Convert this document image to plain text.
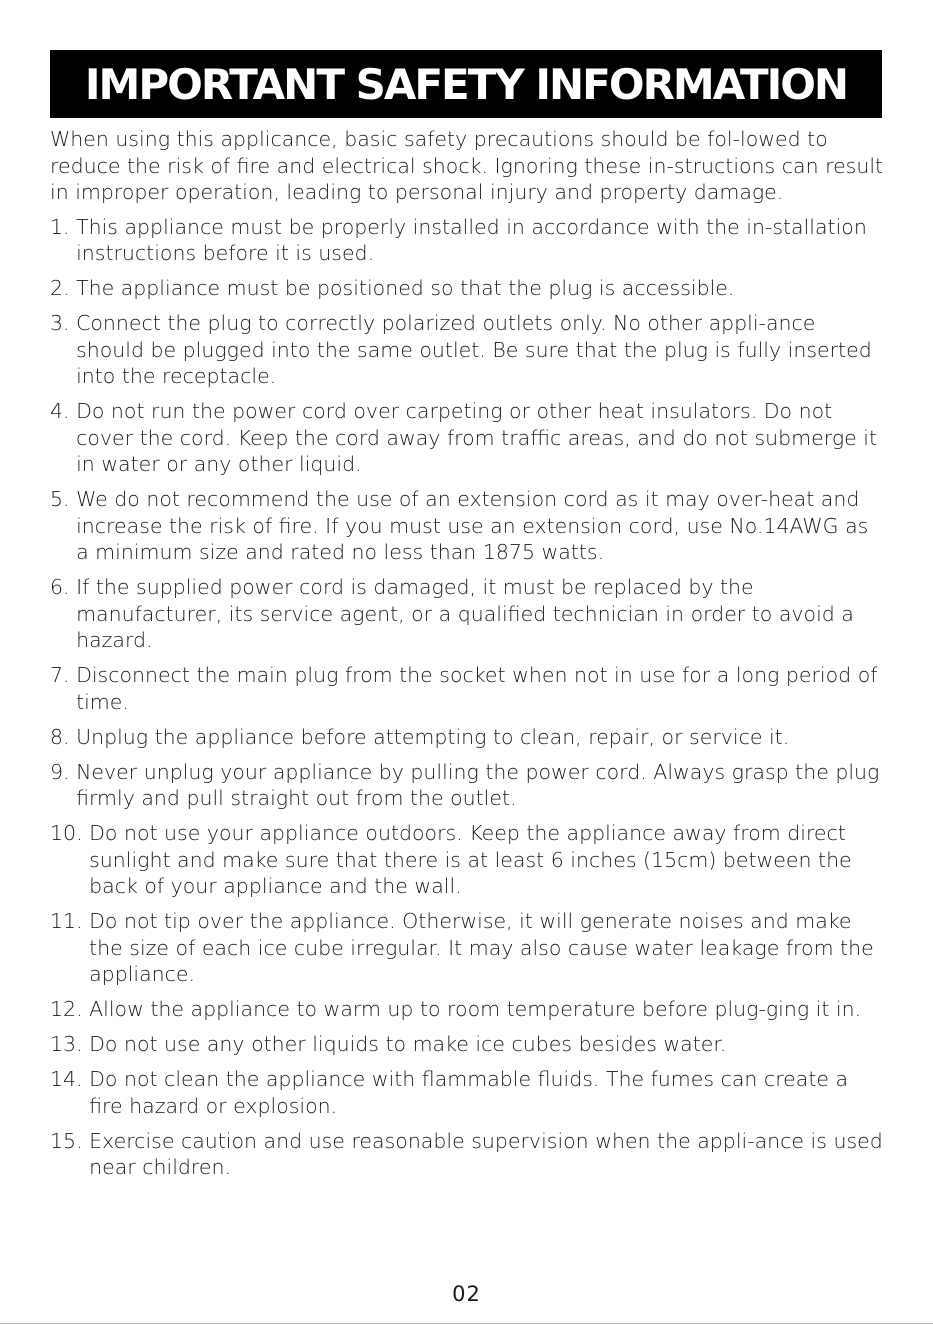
IMPORTANT SAFETY INFORMATION

When using this applicance, basic safety precautions should be fol-lowed to reduce the risk of fire and electrical shock. Ignoring these in-structions can result in improper operation, leading to personal injury and property damage.

1. This appliance must be properly installed in accordance with the in-stallation instructions before it is used.
2. The appliance must be positioned so that the plug is accessible.
3. Connect the plug to correctly polarized outlets only. No other appli-ance should be plugged into the same outlet. Be sure that the plug is fully inserted into the receptacle.
4. Do not run the power cord over carpeting or other heat insulators. Do not cover the cord. Keep the cord away from traffic areas, and do not submerge it in water or any other liquid.
5. We do not recommend the use of an extension cord as it may over-heat and increase the risk of fire. If you must use an extension cord, use No.14AWG as a minimum size and rated no less than 1875 watts.
6. If the supplied power cord is damaged, it must be replaced by the manufacturer, its service agent, or a qualified technician in order to avoid a hazard.
7. Disconnect the main plug from the socket when not in use for a long period of time.
8. Unplug the appliance before attempting to clean, repair, or service it.
9. Never unplug your appliance by pulling the power cord. Always grasp the plug firmly and pull straight out from the outlet.
10. Do not use your appliance outdoors. Keep the appliance away from direct sunlight and make sure that there is at least 6 inches (15cm) between the back of your appliance and the wall.
11. Do not tip over the appliance. Otherwise, it will generate noises and make the size of each ice cube irregular. It may also cause water leakage from the appliance.
12. Allow the appliance to warm up to room temperature before plug-ging it in.
13. Do not use any other liquids to make ice cubes besides water.
14. Do not clean the appliance with flammable fluids. The fumes can create a fire hazard or explosion.
15. Exercise caution and use reasonable supervision when the appli-ance is used near children.
02
